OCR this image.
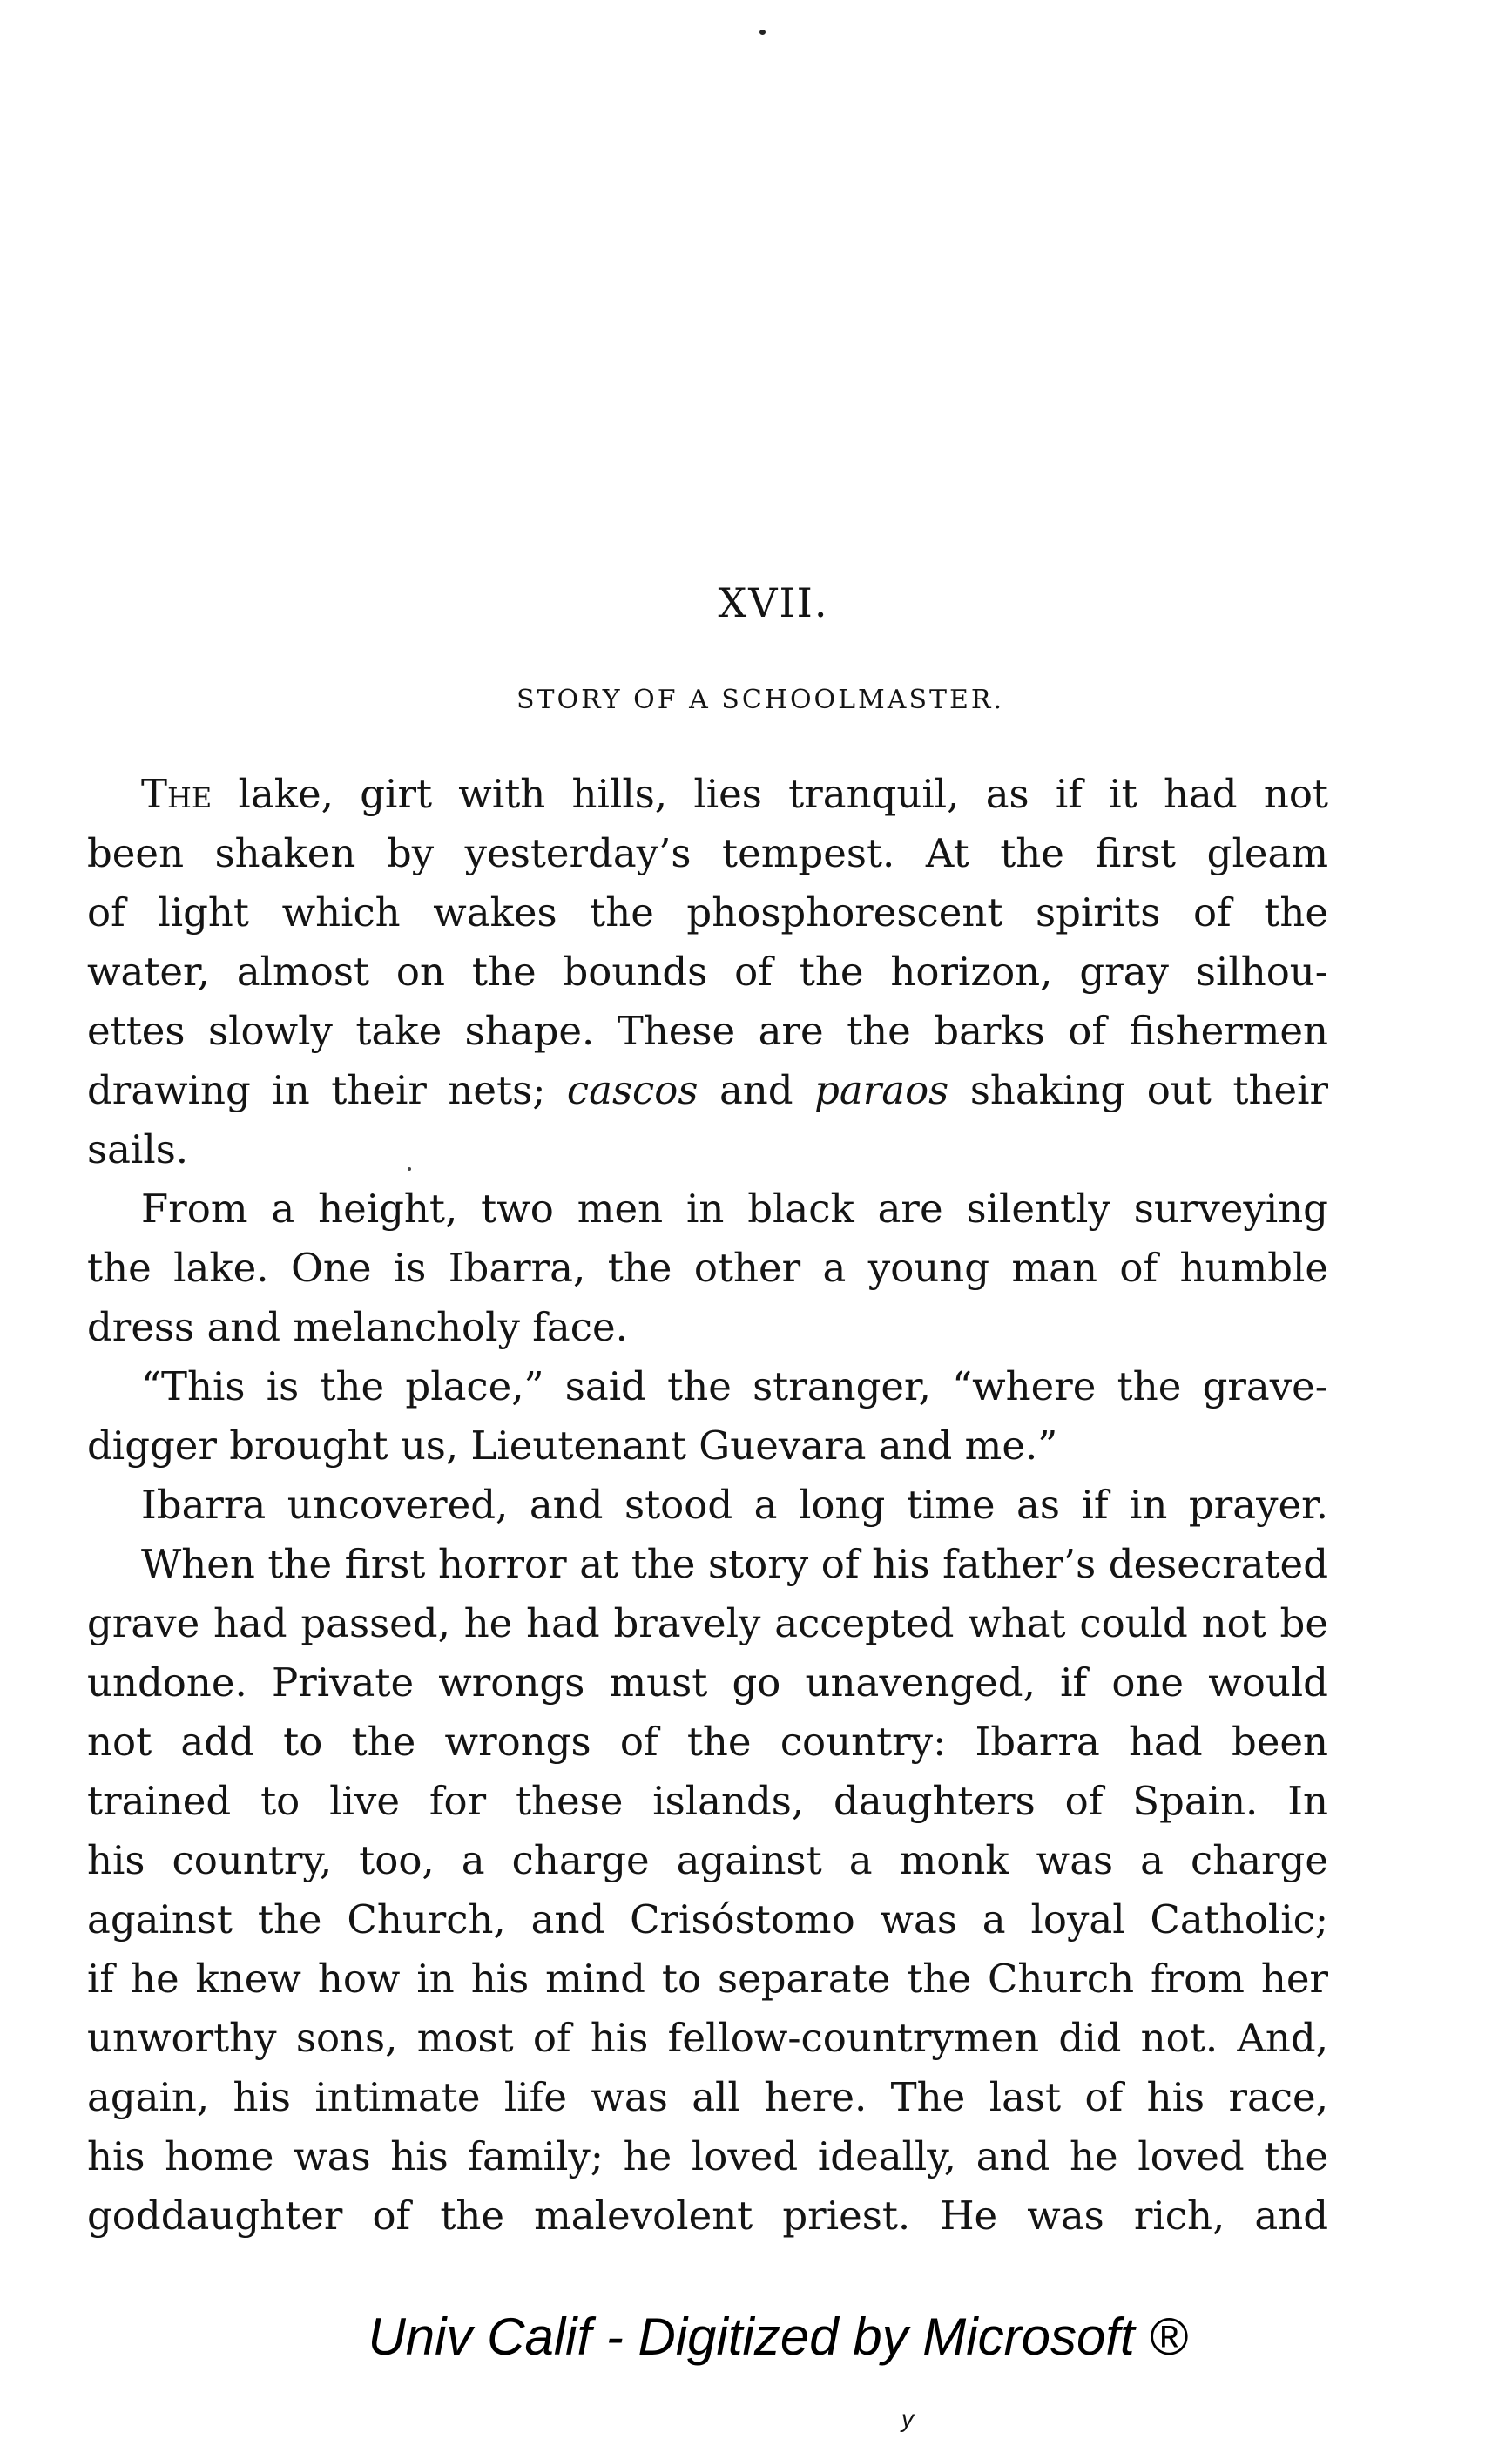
XVII.
STORY OF A SCHOOLMASTER.
The lake, girt with hills, lies tranquil, as if it had not
been shaken by yesterday’s tempest. At the first gleam
of light which wakes the phosphorescent spirits of the
water, almost on the bounds of the horizon, gray silhou-
ettes slowly take shape. These are the barks of fishermen
drawing in their nets; cascos and paraos shaking out their
sails.
From a height, two men in black are silently surveying
the lake. One is Ibarra, the other a young man of humble
dress and melancholy face.
“This is the place,” said the stranger, “where the grave-
digger brought us, Lieutenant Guevara and me.”
Ibarra uncovered, and stood a long time as if in prayer.
When the first horror at the story of his father’s desecrated
grave had passed, he had bravely accepted what could not be
undone. Private wrongs must go unavenged, if one would
not add to the wrongs of the country: Ibarra had been
trained to live for these islands, daughters of Spain. In
his country, too, a charge against a monk was a charge
against the Church, and Crisóstomo was a loyal Catholic;
if he knew how in his mind to separate the Church from her
unworthy sons, most of his fellow-countrymen did not. And,
again, his intimate life was all here. The last of his race,
his home was his family; he loved ideally, and he loved the
goddaughter of the malevolent priest. He was rich, and
Univ Calif - Digitized by Microsoft ®
y
